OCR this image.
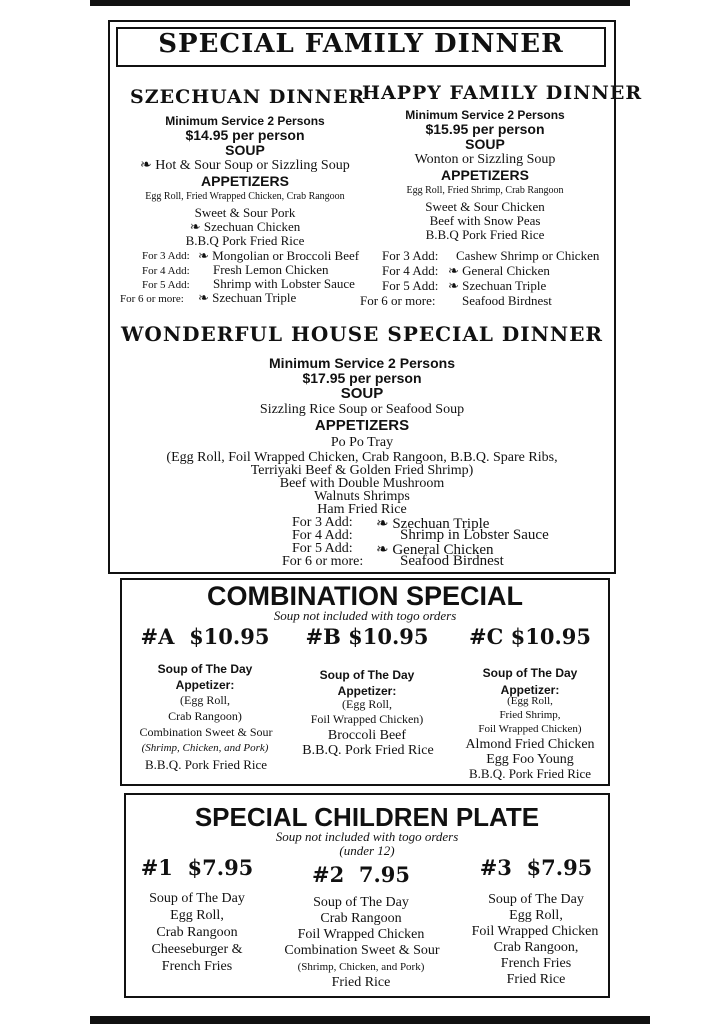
SPECIAL FAMILY DINNER
SZECHUAN DINNER
Minimum Service 2 Persons
$14.95 per person
SOUP
❧ Hot & Sour Soup or Sizzling Soup
APPETIZERS
Egg Roll, Fried Wrapped Chicken, Crab Rangoon
Sweet & Sour Pork
❧ Szechuan Chicken
B.B.Q Pork Fried Rice
For 3 Add: ❧ Mongolian or Broccoli Beef
For 4 Add: Fresh Lemon Chicken
For 5 Add: Shrimp with Lobster Sauce
For 6 or more: ❧ Szechuan Triple
HAPPY FAMILY DINNER
Minimum Service 2 Persons
$15.95 per person
SOUP
Wonton or Sizzling Soup
APPETIZERS
Egg Roll, Fried Shrimp, Crab Rangoon
Sweet & Sour Chicken
Beef with Snow Peas
B.B.Q Pork Fried Rice
For 3 Add: Cashew Shrimp or Chicken
For 4 Add: ❧ General Chicken
For 5 Add: ❧ Szechuan Triple
For 6 or more: Seafood Birdnest
WONDERFUL HOUSE SPECIAL DINNER
Minimum Service 2 Persons
$17.95 per person
SOUP
Sizzling Rice Soup or Seafood Soup
APPETIZERS
Po Po Tray
(Egg Roll, Foil Wrapped Chicken, Crab Rangoon, B.B.Q. Spare Ribs,
Terriyaki Beef & Golden Fried Shrimp)
Beef with Double Mushroom
Walnuts Shrimps
Ham Fried Rice
For 3 Add: ❧ Szechuan Triple
For 4 Add:	Shrimp in Lobster Sauce
For 5 Add: ❧ General Chicken
For 6 or more: Seafood Birdnest
COMBINATION SPECIAL
Soup not included with togo orders
#A $10.95	#B $10.95	#C $10.95
Soup of The Day
Appetizer:
(Egg Roll,
Crab Rangoon)
Combination Sweet & Sour
(Shrimp, Chicken, and Pork)
B.B.Q. Pork Fried Rice
Soup of The Day
Appetizer:
(Egg Roll,
Foil Wrapped Chicken)
Broccoli Beef
B.B.Q. Pork Fried Rice
Soup of The Day
Appetizer:
(Egg Roll,
Fried Shrimp,
Foil Wrapped Chicken)
Almond Fried Chicken
Egg Foo Young
B.B.Q. Pork Fried Rice
SPECIAL CHILDREN PLATE
Soup not included with togo orders
(under 12)
#1 $7.95	#2 7.95	#3 $7.95
Soup of The Day
Egg Roll,
Crab Rangoon
Cheeseburger &
French Fries
Soup of The Day
Crab Rangoon
Foil Wrapped Chicken
Combination Sweet & Sour
(Shrimp, Chicken, and Pork)
Fried Rice
Soup of The Day
Egg Roll,
Foil Wrapped Chicken
Crab Rangoon,
French Fries
Fried Rice
